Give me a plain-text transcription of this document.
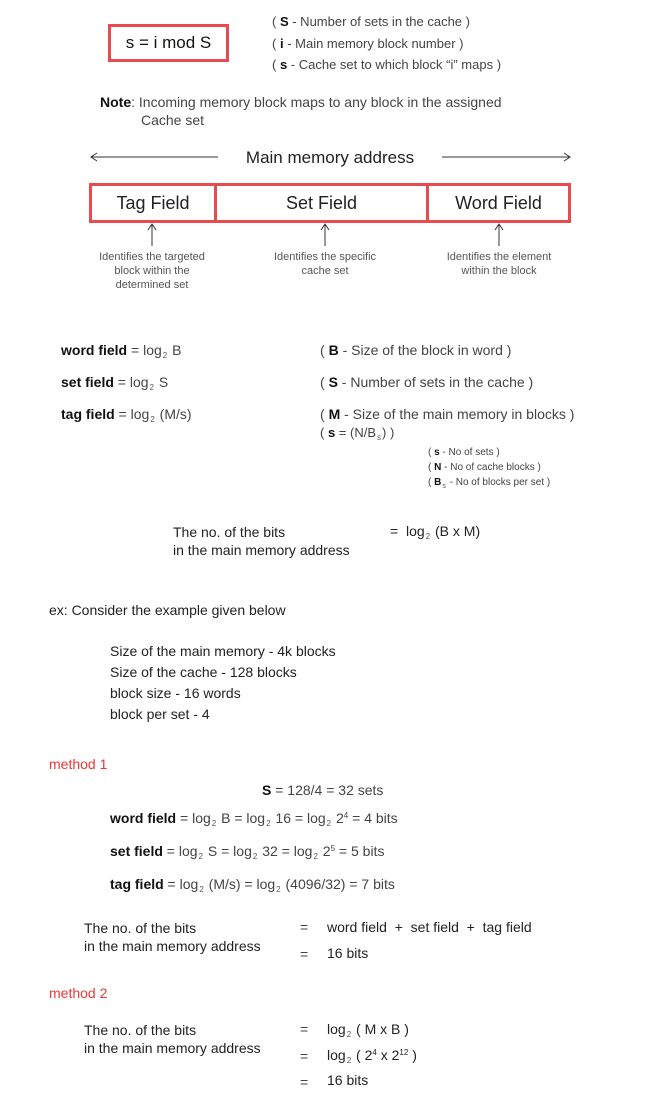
s = i mod S
( S - Number of sets in the cache )
( i - Main memory block number )
( s - Cache set to which block “i” maps )
Note: Incoming memory block maps to any block in the assigned
Cache set
Main memory address
Tag Field	Set Field	Word Field
Identifies the targeted
block within the
determined set
Identifies the specific
cache set
Identifies the element
within the block
word field = $\log_2 B$	( B - Size of the block in word )
set field = $\log_2 S$	( S - Number of sets in the cache )
tag field = $\log_2 (M/s)$	( M - Size of the main memory in blocks )
( $s = (N/B_s)$ )
( s - No of sets )
( N - No of cache blocks )
( $B_s$ - No of blocks per set )
The no. of the bits
in the main memory address
= $\log_2 (B$ x M)
ex: Consider the example given below
Size of the main memory - 4k blocks
Size of the cache - 128 blocks
block size - 16 words
block per set - 4
method 1
S = 128/4 = 32 sets
word field = $\log_2 B = \log_2 16 = \log_2 2^4 = 4$ bits
set field = $\log_2 S = \log_2 32 = \log_2 2^5 = 5$ bits
tag field = $\log_2 (M/s) = \log_2 (4096/32) = 7$ bits
The no. of the bits
in the main memory address
= word field  +  set field  +  tag field
= 16 bits
method 2
The no. of the bits
in the main memory address
= $\log_2$ ( M x B )
= $\log_2$ ( $2^4$ x $2^{12}$ )
= 16 bits
